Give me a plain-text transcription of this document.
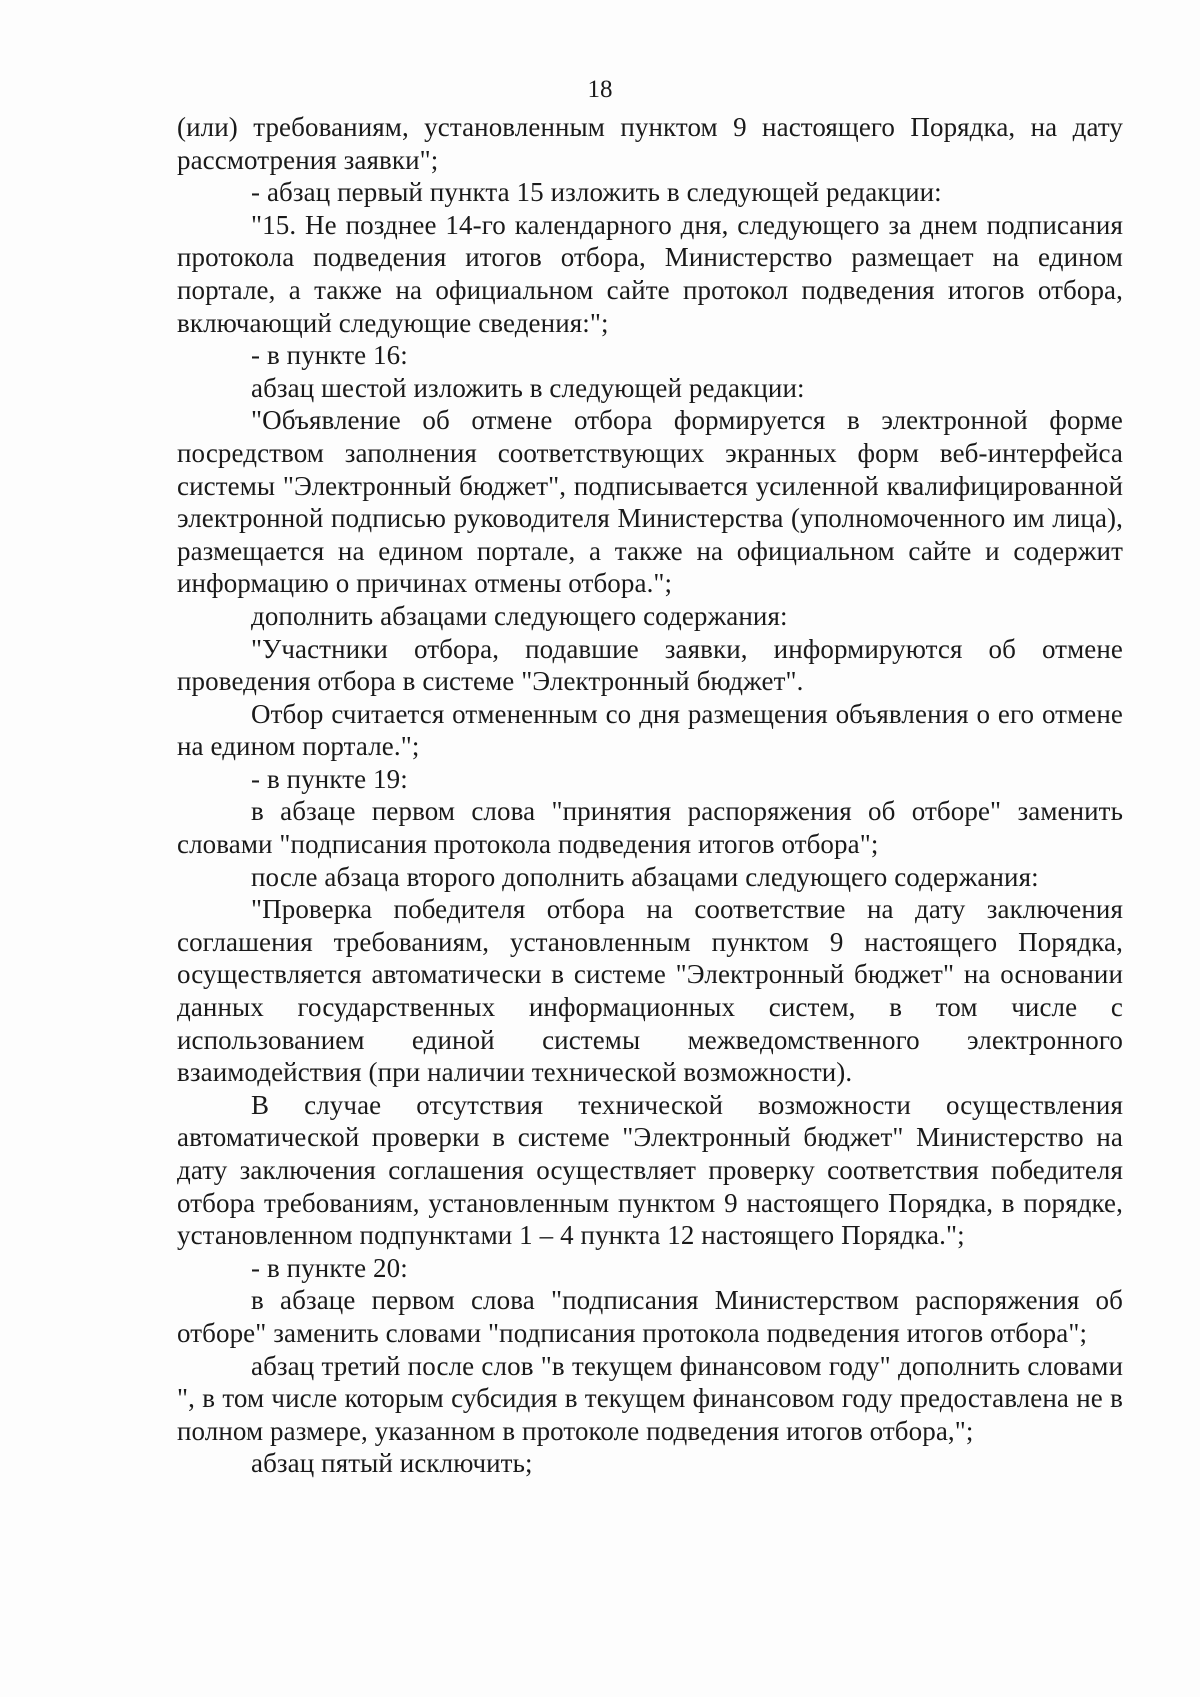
18

(или) требованиям, установленным пунктом 9 настоящего Порядка, на дату рассмотрения заявки";

- абзац первый пункта 15 изложить в следующей редакции:

"15. Не позднее 14-го календарного дня, следующего за днем подписания протокола подведения итогов отбора, Министерство размещает на едином портале, а также на официальном сайте протокол подведения итогов отбора, включающий следующие сведения:";

- в пункте 16:

абзац шестой изложить в следующей редакции:

"Объявление об отмене отбора формируется в электронной форме посредством заполнения соответствующих экранных форм веб-интерфейса системы "Электронный бюджет", подписывается усиленной квалифицированной электронной подписью руководителя Министерства (уполномоченного им лица), размещается на едином портале, а также на официальном сайте и содержит информацию о причинах отмены отбора.";

дополнить абзацами следующего содержания:

"Участники отбора, подавшие заявки, информируются об отмене проведения отбора в системе "Электронный бюджет".

Отбор считается отмененным со дня размещения объявления о его отмене на едином портале.";

- в пункте 19:

в абзаце первом слова "принятия распоряжения об отборе" заменить словами "подписания протокола подведения итогов отбора";

после абзаца второго дополнить абзацами следующего содержания:

"Проверка победителя отбора на соответствие на дату заключения соглашения требованиям, установленным пунктом 9 настоящего Порядка, осуществляется автоматически в системе "Электронный бюджет" на основании данных государственных информационных систем, в том числе с использованием единой системы межведомственного электронного взаимодействия (при наличии технической возможности).

В случае отсутствия технической возможности осуществления автоматической проверки в системе "Электронный бюджет" Министерство на дату заключения соглашения осуществляет проверку соответствия победителя отбора требованиям, установленным пунктом 9 настоящего Порядка, в порядке, установленном подпунктами 1 – 4 пункта 12 настоящего Порядка.";

- в пункте 20:

в абзаце первом слова "подписания Министерством распоряжения об отборе" заменить словами "подписания протокола подведения итогов отбора";

абзац третий после слов "в текущем финансовом году" дополнить словами ", в том числе которым субсидия в текущем финансовом году предоставлена не в полном размере, указанном в протоколе подведения итогов отбора,";

абзац пятый исключить;
